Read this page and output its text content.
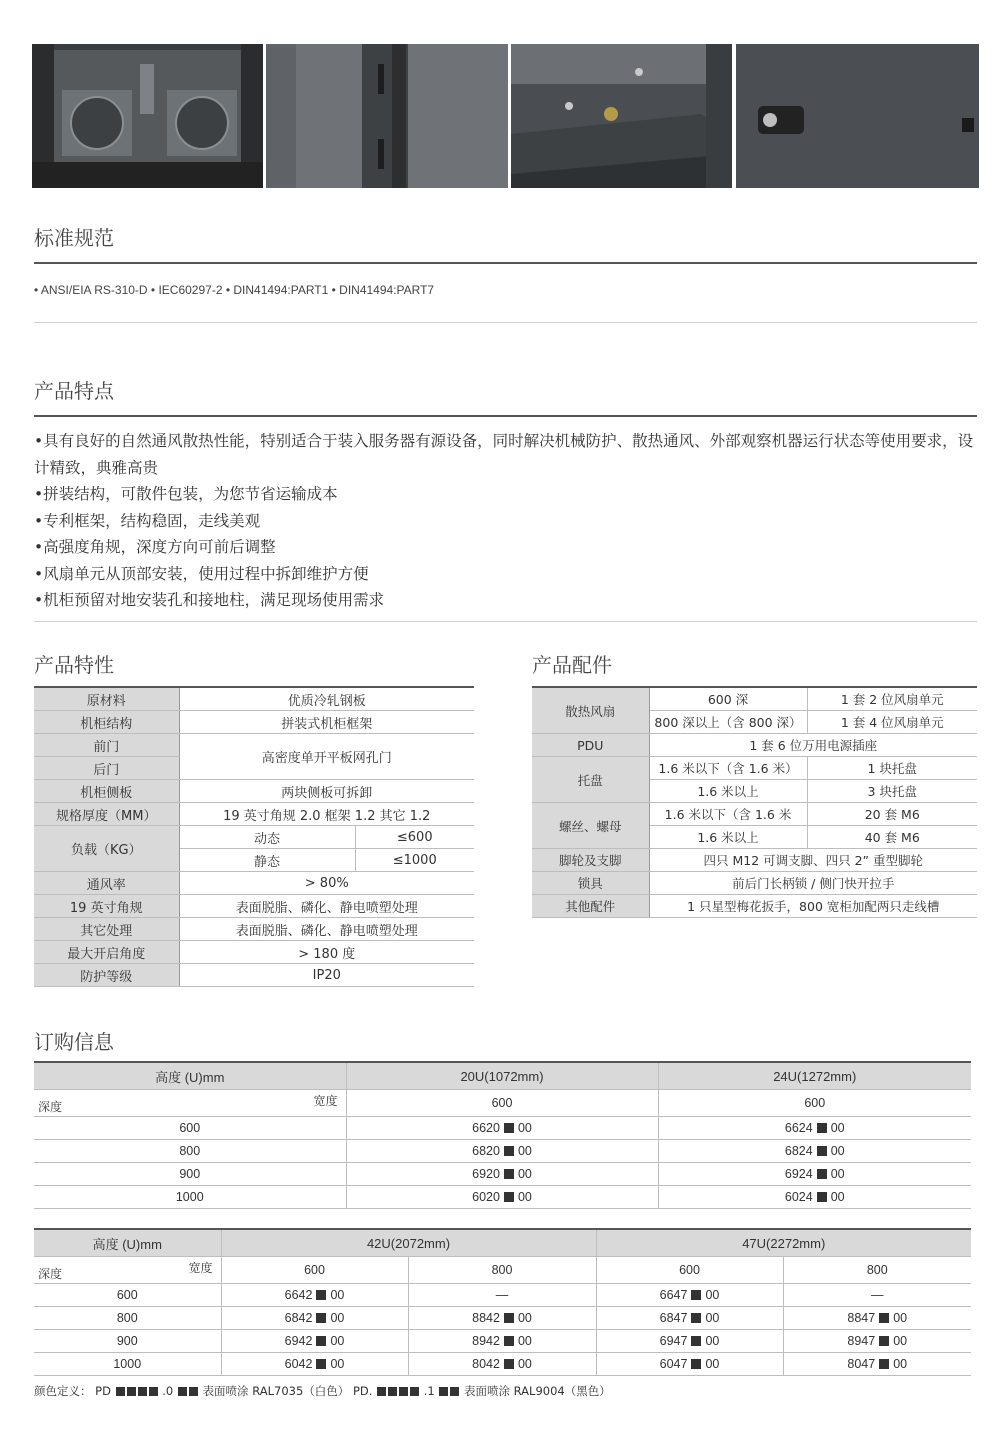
标准规范
• ANSI/EIA RS-310-D • IEC60297-2 • DIN41494:PART1 • DIN41494:PART7
产品特点

•具有良好的自然通风散热性能，特别适合于装入服务器有源设备，同时解决机械防护、散热通风、外部观察机器运行状态等使用要求，设计精致，典雅高贵

•拼装结构，可散件包装，为您节省运输成本

•专利框架，结构稳固，走线美观

•高强度角规，深度方向可前后调整

•风扇单元从顶部安装，使用过程中拆卸维护方便

•机柜预留对地安装孔和接地柱，满足现场使用需求

产品特性
原材料	优质冷轧钢板	
机柜结构	拼装式机柜框架	
前门	高密度单开平板网孔门	
后门		
机柜侧板	两块侧板可拆卸	
规格厚度（MM）	19 英寸角规 2.0 框架 1.2 其它 1.2	
负载（KG）	动态	≤600
	静态	≤1000
通风率	> 80%	
19 英寸角规	表面脱脂、磷化、静电喷塑处理	
其它处理	表面脱脂、磷化、静电喷塑处理	
最大开启角度	> 180 度	
防护等级	IP20	
产品配件
散热风扇	600 深	1 套 2 位风扇单元
	800 深以上（含 800 深）	1 套 4 位风扇单元
PDU	1 套 6 位万用电源插座	
托盘	1.6 米以下（含 1.6 米）	1 块托盘
	1.6 米以上	3 块托盘
螺丝、螺母	1.6 米以下（含 1.6 米	20 套 M6
	1.6 米以上	40 套 M6
脚轮及支脚	四只 M12 可调支脚、四只 2” 重型脚轮	
锁具	前后门长柄锁 / 侧门快开拉手	
其他配件	1 只星型梅花扳手，800 宽柜加配两只走线槽	
订购信息
高度 (U)mm	20U(1072mm)	24U(1272mm)

宽度
深度	600	600
600	6620 00	6624 00
800	6820 00	6824 00
900	6920 00	6924 00
1000	6020 00	6024 00
高度 (U)mm	42U(2072mm)		47U(2272mm)	

宽度
深度	600	800	600	800
600	6642 00	—	6647 00	—
800	6842 00	8842 00	6847 00	8847 00
900	6942 00	8942 00	6947 00	8947 00
1000	6042 00	8042 00	6047 00	8047 00
颜色定义： PD	.0	表面喷涂 RAL7035（白色） PD.	.1	表面喷涂 RAL9004（黑色）
